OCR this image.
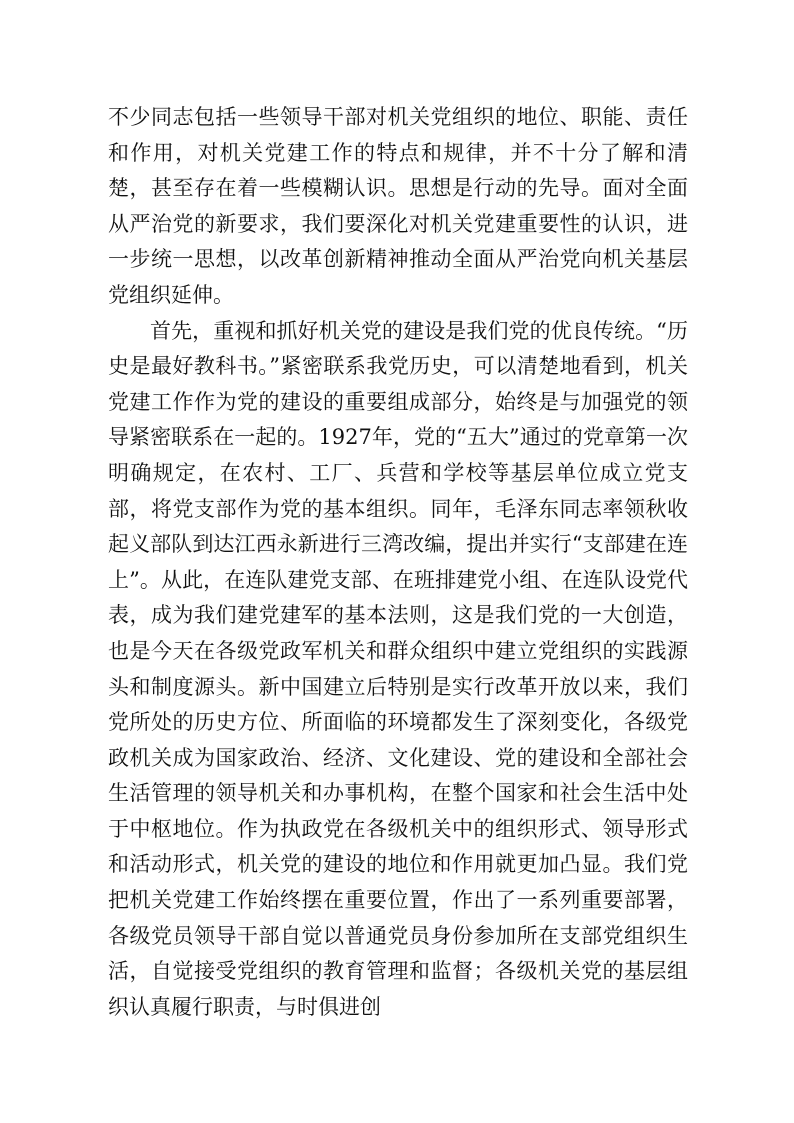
不少同志包括一些领导干部对机关党组织的地位、职能、责任和作用，对机关党建工作的特点和规律，并不十分了解和清楚，甚至存在着一些模糊认识。思想是行动的先导。面对全面从严治党的新要求，我们要深化对机关党建重要性的认识，进一步统一思想，以改革创新精神推动全面从严治党向机关基层党组织延伸。

首先，重视和抓好机关党的建设是我们党的优良传统。“历史是最好教科书。”紧密联系我党历史，可以清楚地看到，机关党建工作作为党的建设的重要组成部分，始终是与加强党的领导紧密联系在一起的。1927年，党的“五大”通过的党章第一次明确规定，在农村、工厂、兵营和学校等基层单位成立党支部，将党支部作为党的基本组织。同年，毛泽东同志率领秋收起义部队到达江西永新进行三湾改编，提出并实行“支部建在连上”。从此，在连队建党支部、在班排建党小组、在连队设党代表，成为我们建党建军的基本法则，这是我们党的一大创造，也是今天在各级党政军机关和群众组织中建立党组织的实践源头和制度源头。新中国建立后特别是实行改革开放以来，我们党所处的历史方位、所面临的环境都发生了深刻变化，各级党政机关成为国家政治、经济、文化建设、党的建设和全部社会生活管理的领导机关和办事机构，在整个国家和社会生活中处于中枢地位。作为执政党在各级机关中的组织形式、领导形式和活动形式，机关党的建设的地位和作用就更加凸显。我们党把机关党建工作始终摆在重要位置，作出了一系列重要部署，各级党员领导干部自觉以普通党员身份参加所在支部党组织生活，自觉接受党组织的教育管理和监督；各级机关党的基层组织认真履行职责，与时俱进创
